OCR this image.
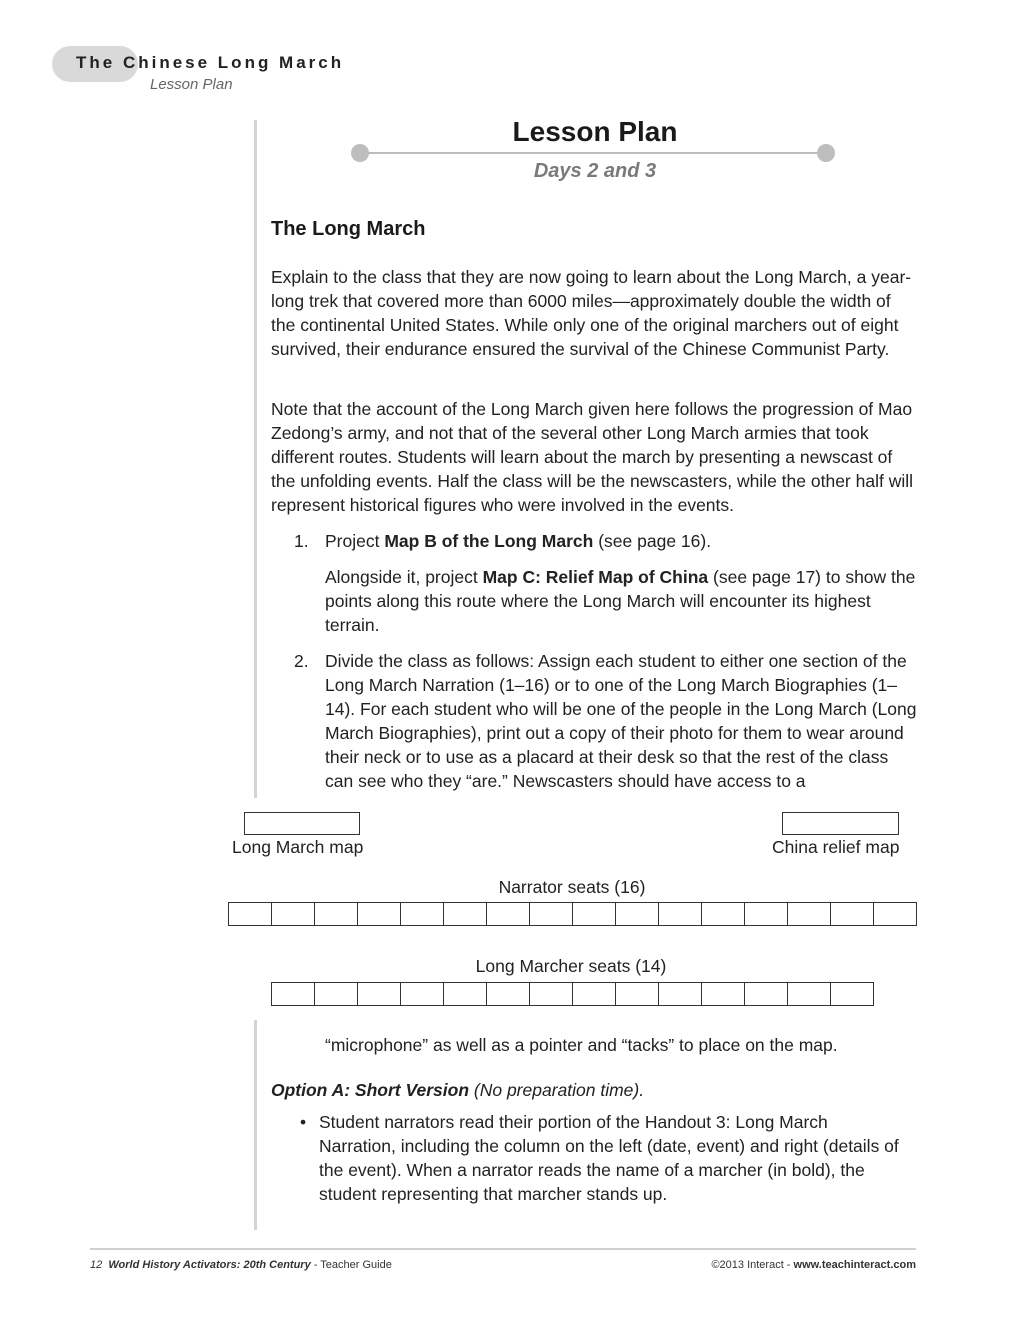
The Chinese Long March
Lesson Plan
Lesson Plan
Days 2 and 3
The Long March

Explain to the class that they are now going to learn about the Long March, a year-long trek that covered more than 6000 miles—approximately double the width of the continental United States. While only one of the original marchers out of eight survived, their endurance ensured the survival of the Chinese Communist Party.

Note that the account of the Long March given here follows the progression of Mao Zedong’s army, and not that of the several other Long March armies that took different routes. Students will learn about the march by presenting a newscast of the unfolding events. Half the class will be the newscasters, while the other half will represent historical figures who were involved in the events.

1. Project Map B of the Long March (see page 16).

Alongside it, project Map C: Relief Map of China (see page 17) to show the points along this route where the Long March will encounter its highest terrain.

2. Divide the class as follows: Assign each student to either one section of the Long March Narration (1–16) or to one of the Long March Biographies (1–14). For each student who will be one of the people in the Long March (Long March Biographies), print out a copy of their photo for them to wear around their neck or to use as a placard at their desk so that the rest of the class can see who they “are.” Newscasters should have access to a

Long March map	China relief map
Narrator seats (16)
Long Marcher seats (14)

“microphone” as well as a pointer and “tacks” to place on the map.

Option A: Short Version (No preparation time).

• Student narrators read their portion of the Handout 3: Long March Narration, including the column on the left (date, event) and right (details of the event). When a narrator reads the name of a marcher (in bold), the student representing that marcher stands up.

12 World History Activators: 20th Century - Teacher Guide	©2013 Interact - www.teachinteract.com
